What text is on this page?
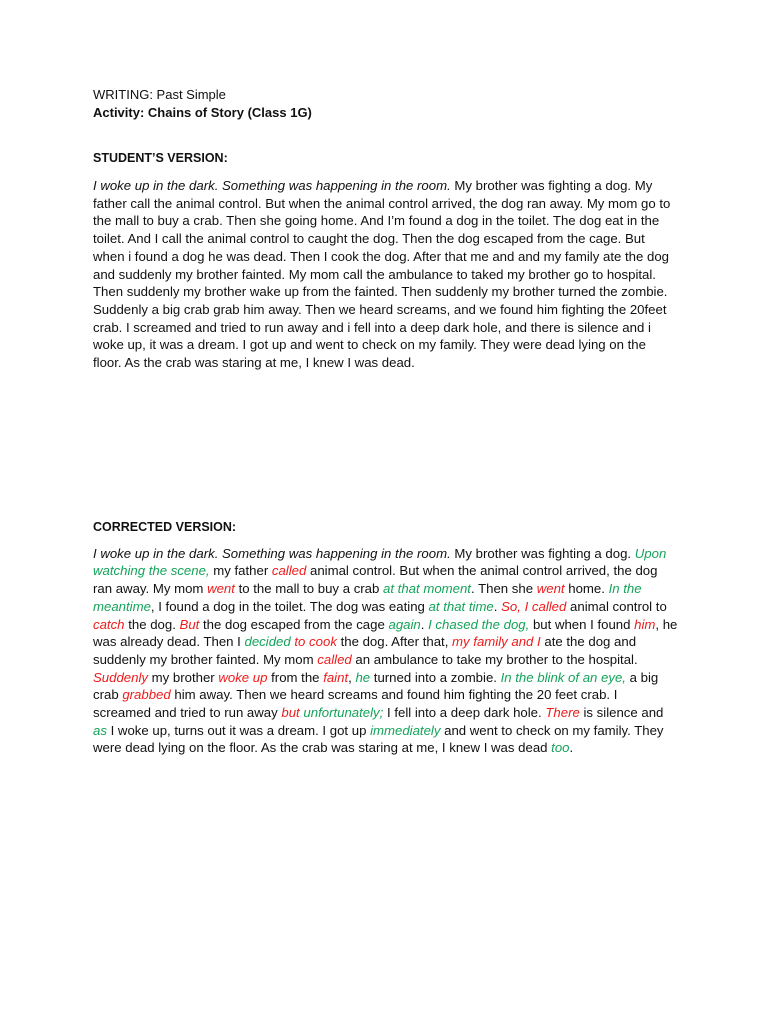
WRITING: Past Simple

Activity: Chains of Story (Class 1G)

STUDENT’S VERSION:

I woke up in the dark. Something was happening in the room. My brother was fighting a dog. My father call the animal control. But when the animal control arrived, the dog ran away. My mom go to the mall to buy a crab. Then she going home. And I’m found a dog in the toilet. The dog eat in the toilet. And I call the animal control to caught the dog. Then the dog escaped from the cage. But when i found a dog he was dead. Then I cook the dog. After that me and and my family ate the dog and suddenly my brother fainted. My mom call the ambulance to taked my brother go to hospital. Then suddenly my brother wake up from the fainted. Then suddenly my brother turned the zombie. Suddenly a big crab grab him away. Then we heard screams, and we found him fighting the 20feet crab. I screamed and tried to run away and i fell into a deep dark hole, and there is silence and i woke up, it was a dream. I got up and went to check on my family. They were dead lying on the floor. As the crab was staring at me, I knew I was dead.

CORRECTED VERSION:

I woke up in the dark. Something was happening in the room. My brother was fighting a dog. Upon watching the scene, my father called animal control. But when the animal control arrived, the dog ran away. My mom went to the mall to buy a crab at that moment. Then she went home. In the meantime, I found a dog in the toilet. The dog was eating at that time. So, I called animal control to catch the dog. But the dog escaped from the cage again. I chased the dog, but when I found him, he was already dead. Then I decided to cook the dog. After that, my family and I ate the dog and suddenly my brother fainted. My mom called an ambulance to take my brother to the hospital. Suddenly my brother woke up from the faint, he turned into a zombie. In the blink of an eye, a big crab grabbed him away. Then we heard screams and found him fighting the 20 feet crab. I screamed and tried to run away but unfortunately; I fell into a deep dark hole. There is silence and as I woke up, turns out it was a dream. I got up immediately and went to check on my family. They were dead lying on the floor. As the crab was staring at me, I knew I was dead too.
